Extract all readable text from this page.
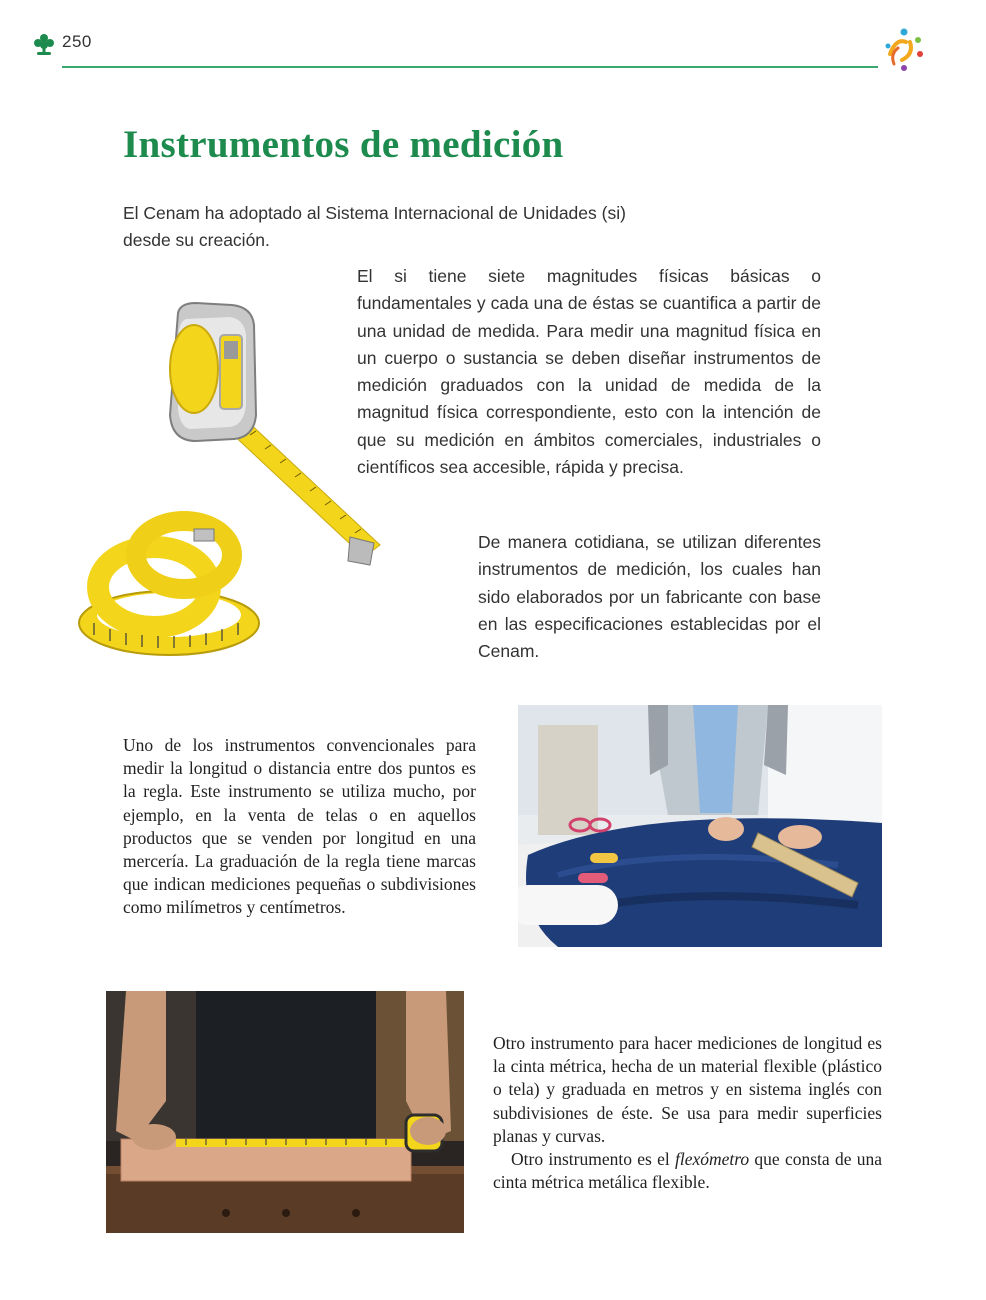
250
Instrumentos de medición
El Cenam ha adoptado al Sistema Internacional de Unidades (si)
desde su creación.

El si tiene siete magnitudes físicas básicas o fundamentales y cada una de éstas se cuantifica a partir de una unidad de medida. Para medir una magnitud física en un cuerpo o sustancia se deben diseñar instrumentos de medición graduados con la unidad de medida de la magnitud física correspondiente, esto con la intención de que su medición en ámbitos comerciales, industriales o científicos sea accesible, rápida y precisa.

De manera cotidiana, se utilizan diferentes instrumentos de medición, los cuales han sido elaborados por un fabricante con base en las especificaciones establecidas por el Cenam.

Uno de los instrumentos convencionales para medir la longitud o distancia entre dos puntos es la regla. Este instrumento se utiliza mucho, por ejemplo, en la venta de telas o en aquellos productos que se venden por longitud en una mercería. La graduación de la regla tiene marcas que indican mediciones pequeñas o subdivisiones como milímetros y centímetros.

Otro instrumento para hacer mediciones de longitud es la cinta métrica, hecha de un material flexible (plástico o tela) y graduada en metros y en sistema inglés con subdivisiones de éste. Se usa para medir superficies planas y curvas.

Otro instrumento es el flexómetro que consta de una cinta métrica metálica flexible.
